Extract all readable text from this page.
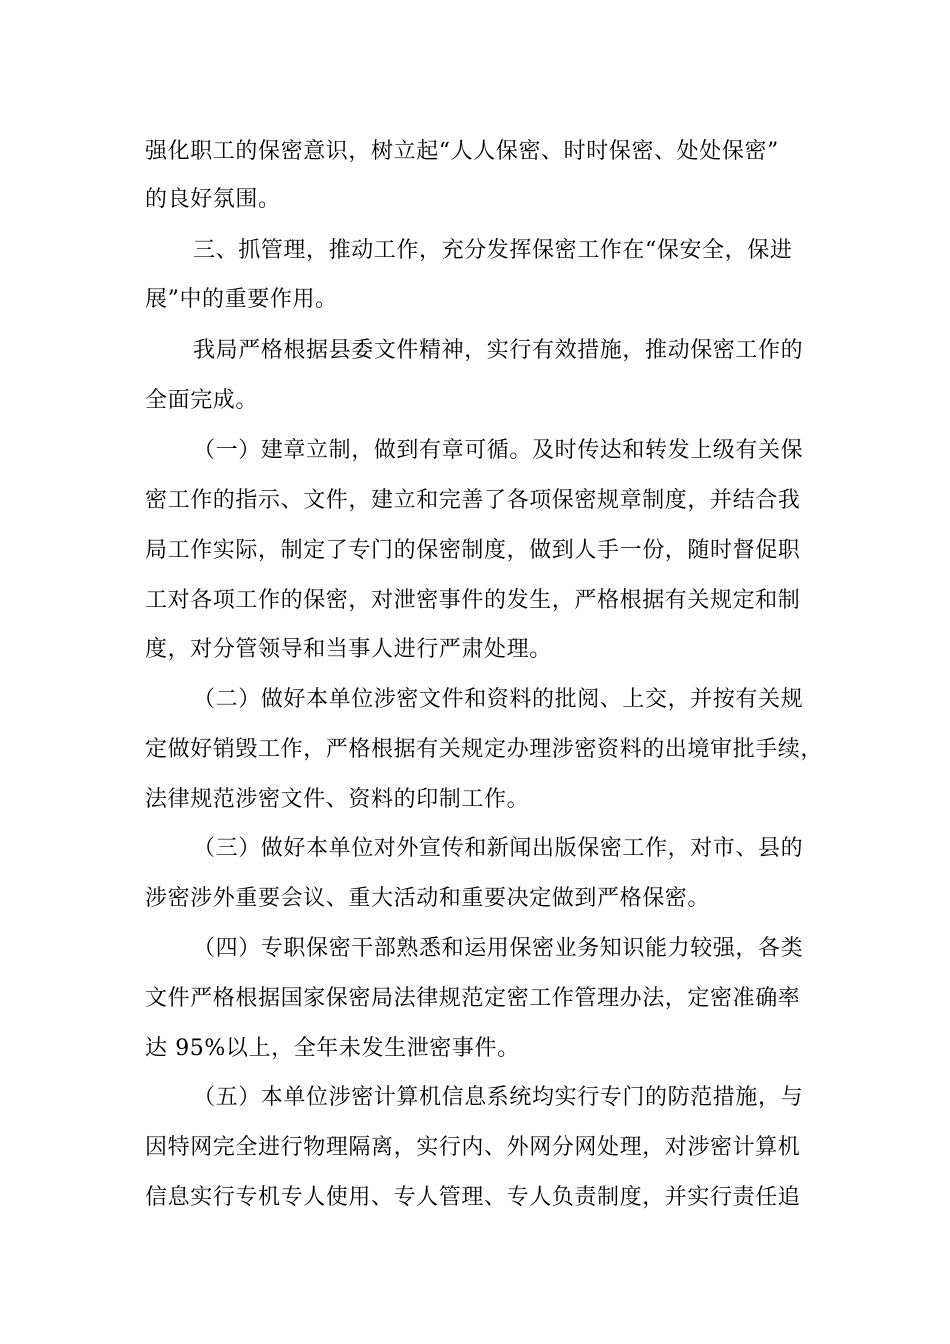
强化职工的保密意识，树立起“人人保密、时时保密、处处保密”
的良好氛围。
三、抓管理，推动工作，充分发挥保密工作在“保安全，保进
展”中的重要作用。
我局严格根据县委文件精神，实行有效措施，推动保密工作的
全面完成。
（一）建章立制，做到有章可循。及时传达和转发上级有关保
密工作的指示、文件，建立和完善了各项保密规章制度，并结合我
局工作实际，制定了专门的保密制度，做到人手一份，随时督促职
工对各项工作的保密，对泄密事件的发生，严格根据有关规定和制
度，对分管领导和当事人进行严肃处理。
（二）做好本单位涉密文件和资料的批阅、上交，并按有关规
定做好销毁工作，严格根据有关规定办理涉密资料的出境审批手续，
法律规范涉密文件、资料的印制工作。
（三）做好本单位对外宣传和新闻出版保密工作，对市、县的
涉密涉外重要会议、重大活动和重要决定做到严格保密。
（四）专职保密干部熟悉和运用保密业务知识能力较强，各类
文件严格根据国家保密局法律规范定密工作管理办法，定密准确率
达 95%以上，全年未发生泄密事件。
（五）本单位涉密计算机信息系统均实行专门的防范措施，与
因特网完全进行物理隔离，实行内、外网分网处理，对涉密计算机
信息实行专机专人使用、专人管理、专人负责制度，并实行责任追
